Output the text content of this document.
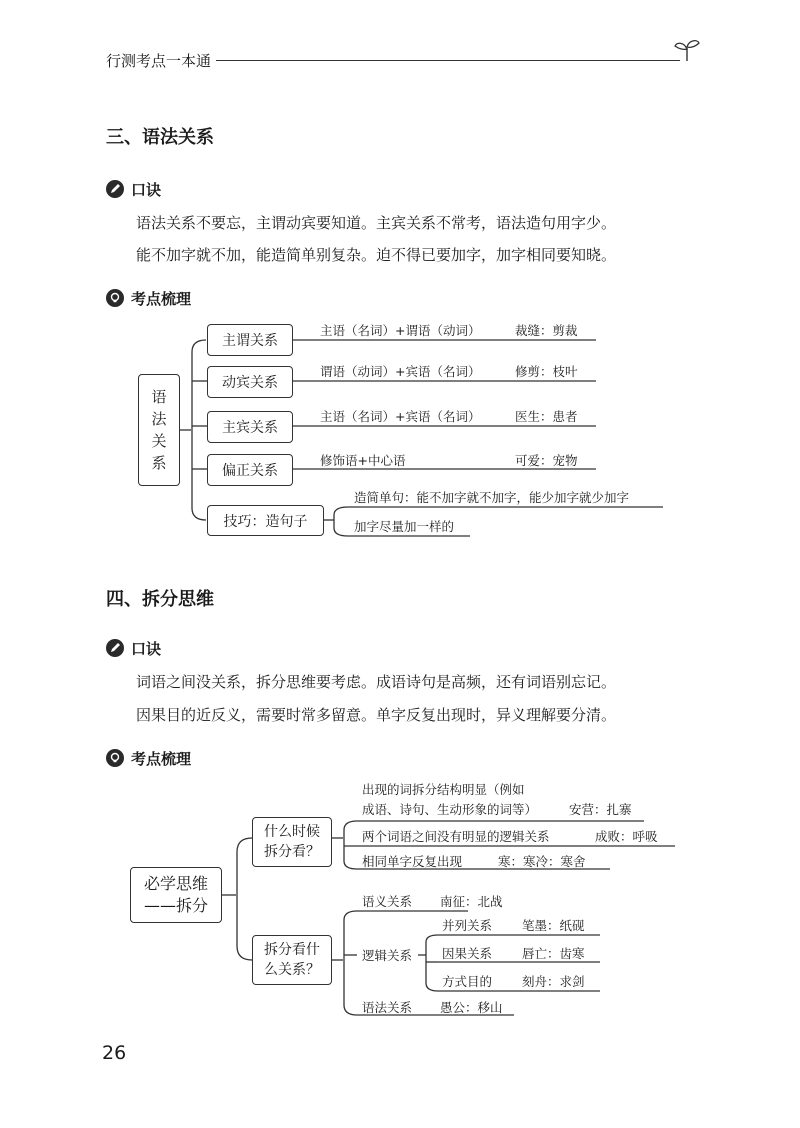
行测考点一本通
三、语法关系
口诀
语法关系不要忘，主谓动宾要知道。主宾关系不常考，语法造句用字少。
能不加字就不加，能造简单别复杂。迫不得已要加字，加字相同要知晓。
考点梳理
语法关系
主谓关系
主语（名词）+谓语（动词）	裁缝：剪裁
动宾关系
谓语（动词）+宾语（名词）	修剪：枝叶
主宾关系
主语（名词）+宾语（名词）	医生：患者
偏正关系
修饰语+中心语	可爱：宠物
技巧：造句子
造简单句：能不加字就不加字，能少加字就少加字
加字尽量加一样的
四、拆分思维
口诀
词语之间没关系，拆分思维要考虑。成语诗句是高频，还有词语别忘记。
因果目的近反义，需要时常多留意。单字反复出现时，异义理解要分清。
考点梳理
必学思维
——拆分
什么时候
拆分看？
出现的词拆分结构明显（例如
成语、诗句、生动形象的词等）	安营：扎寨
两个词语之间没有明显的逻辑关系	成败：呼吸
相同单字反复出现	寒：寒冷：寒舍
拆分看什
么关系？
语义关系 南征：北战
逻辑关系
并列关系 笔墨：纸砚
因果关系 唇亡：齿寒
方式目的 刻舟：求剑
语法关系 愚公：移山
26
